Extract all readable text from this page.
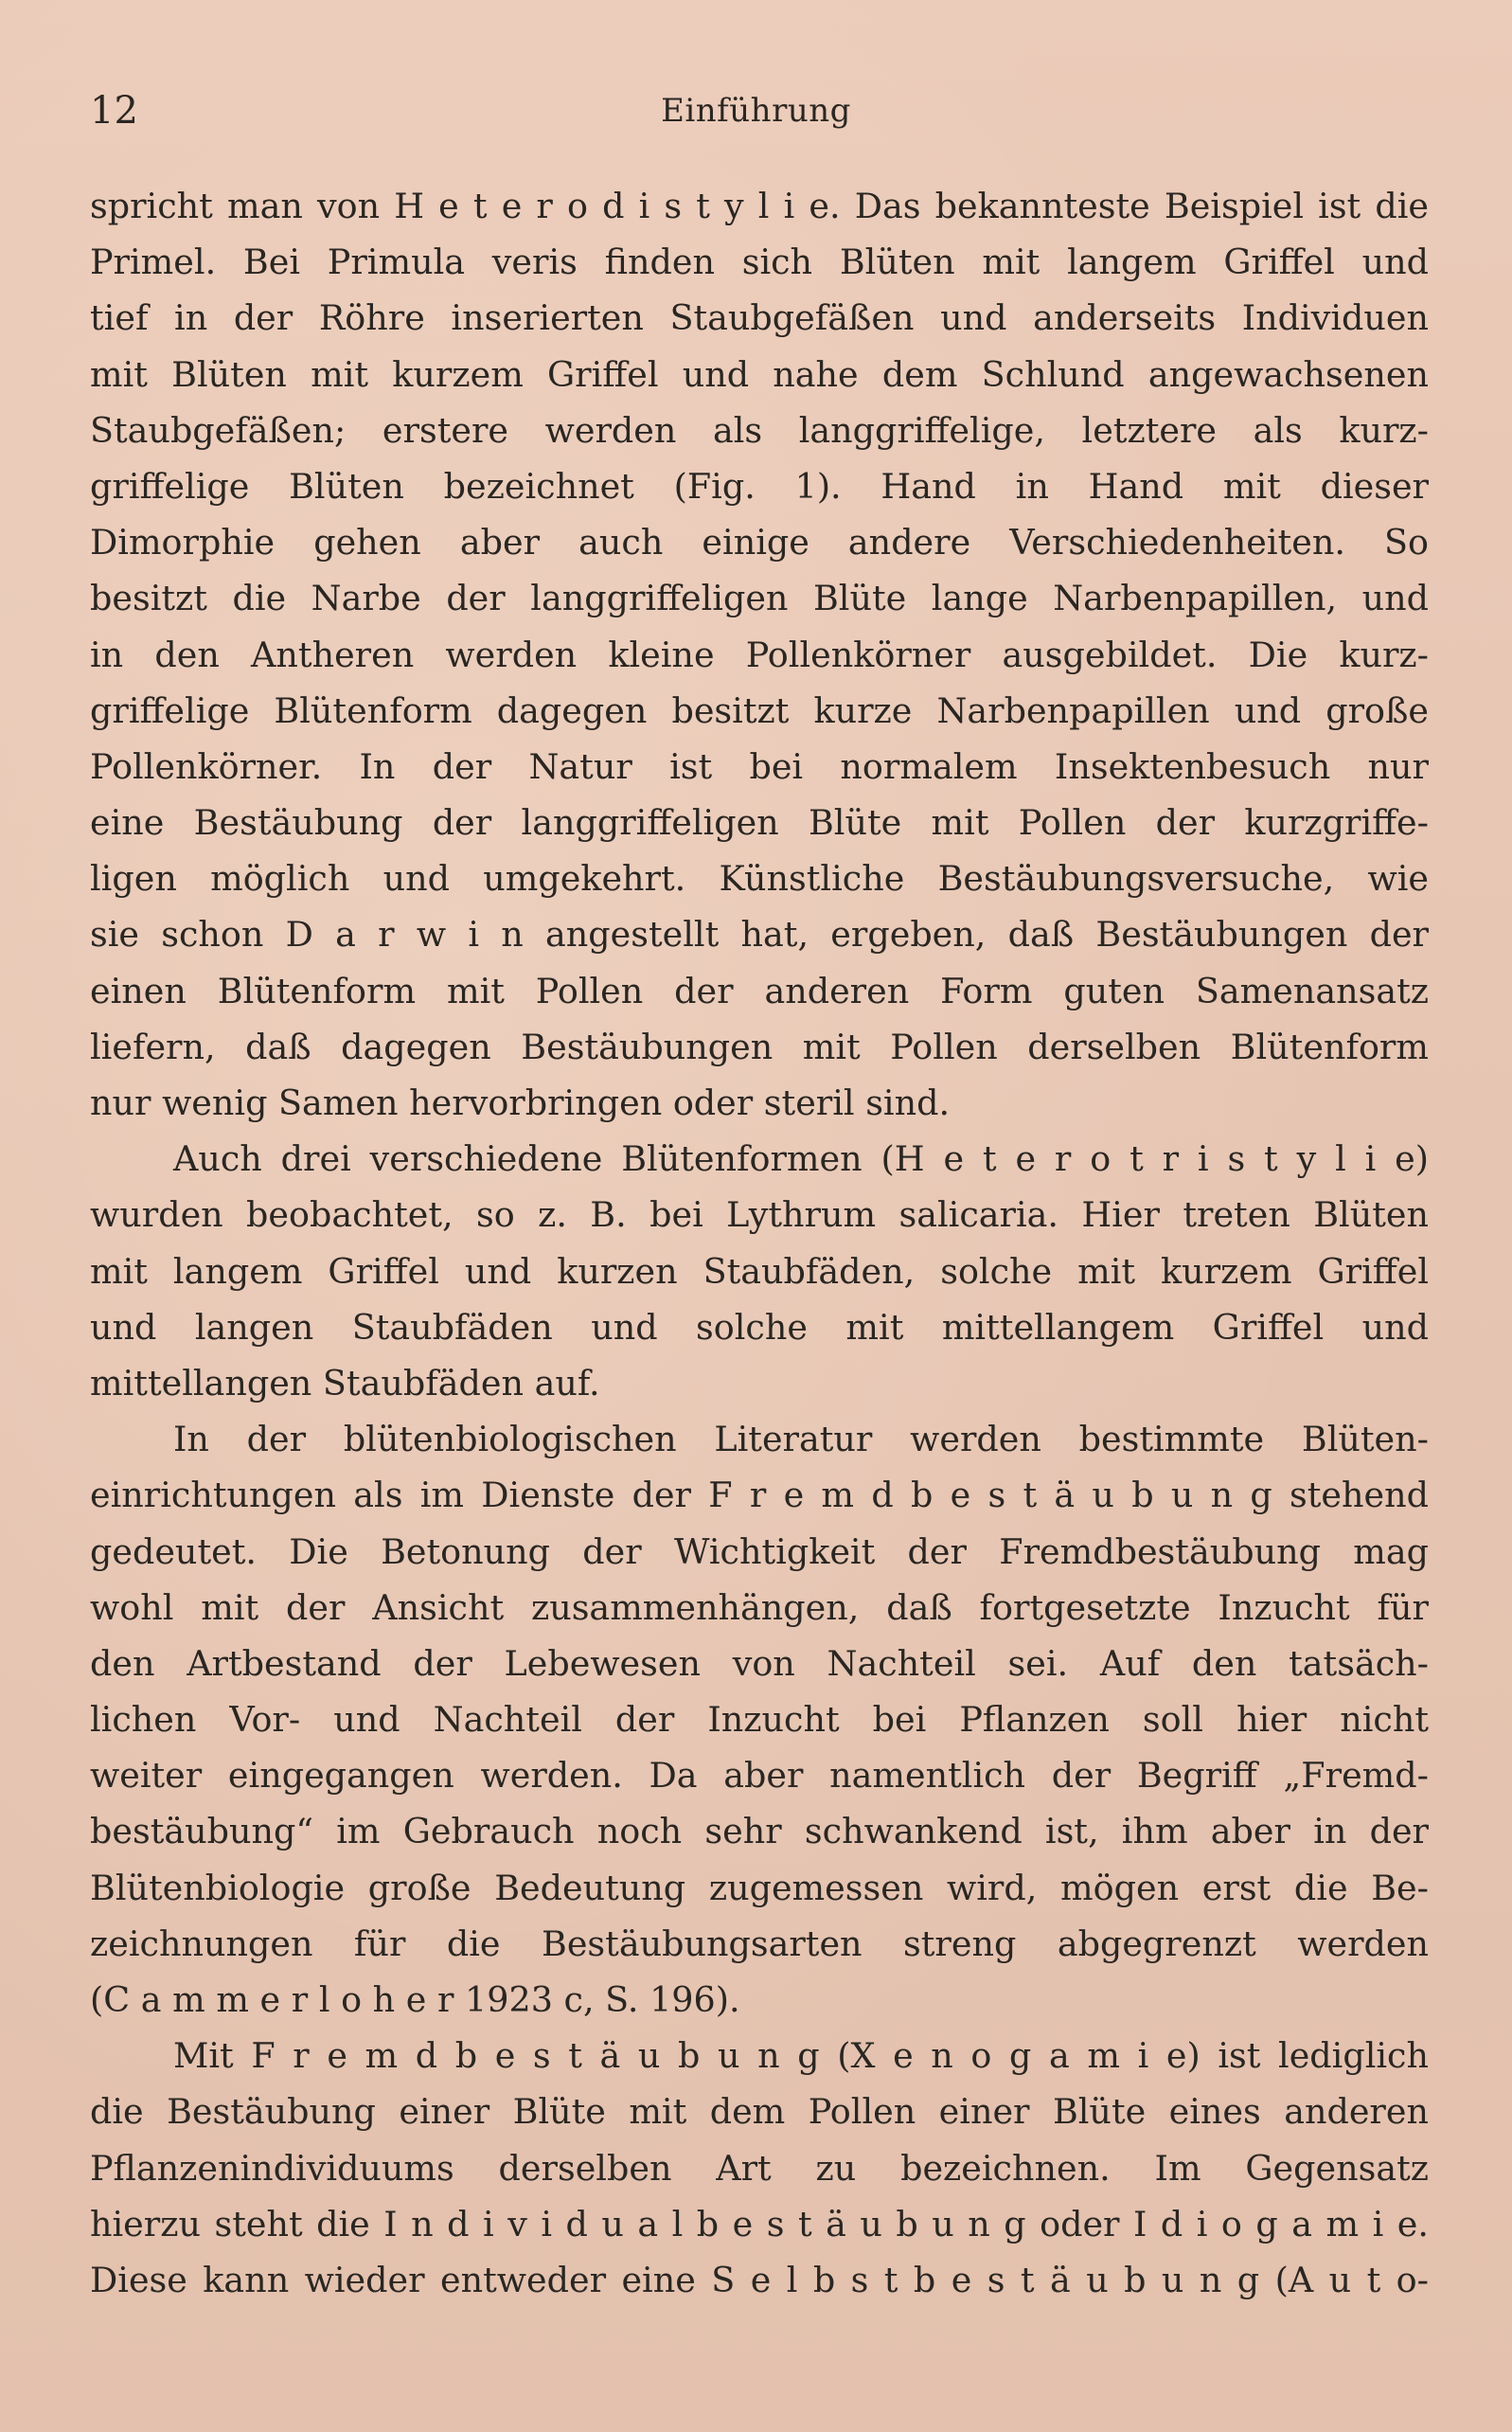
12	Einführung
spricht man von H e t e r o d i s t y l i e. Das bekannteste Beispiel ist die
Primel. Bei Primula veris finden sich Blüten mit langem Griffel und
tief in der Röhre inserierten Staubgefäßen und anderseits Individuen
mit Blüten mit kurzem Griffel und nahe dem Schlund angewachsenen
Staubgefäßen; erstere werden als langgriffelige, letztere als kurz-
griffelige Blüten bezeichnet (Fig. 1). Hand in Hand mit dieser
Dimorphie gehen aber auch einige andere Verschiedenheiten. So
besitzt die Narbe der langgriffeligen Blüte lange Narbenpapillen, und
in den Antheren werden kleine Pollenkörner ausgebildet. Die kurz-
griffelige Blütenform dagegen besitzt kurze Narbenpapillen und große
Pollenkörner. In der Natur ist bei normalem Insektenbesuch nur
eine Bestäubung der langgriffeligen Blüte mit Pollen der kurzgriffe-
ligen möglich und umgekehrt. Künstliche Bestäubungsversuche, wie
sie schon D a r w i n angestellt hat, ergeben, daß Bestäubungen der
einen Blütenform mit Pollen der anderen Form guten Samenansatz
liefern, daß dagegen Bestäubungen mit Pollen derselben Blütenform
nur wenig Samen hervorbringen oder steril sind.
Auch drei verschiedene Blütenformen (H e t e r o t r i s t y l i e)
wurden beobachtet, so z. B. bei Lythrum salicaria. Hier treten Blüten
mit langem Griffel und kurzen Staubfäden, solche mit kurzem Griffel
und langen Staubfäden und solche mit mittellangem Griffel und
mittellangen Staubfäden auf.
In der blütenbiologischen Literatur werden bestimmte Blüten-
einrichtungen als im Dienste der F r e m d b e s t ä u b u n g stehend
gedeutet. Die Betonung der Wichtigkeit der Fremdbestäubung mag
wohl mit der Ansicht zusammenhängen, daß fortgesetzte Inzucht für
den Artbestand der Lebewesen von Nachteil sei. Auf den tatsäch-
lichen Vor- und Nachteil der Inzucht bei Pflanzen soll hier nicht
weiter eingegangen werden. Da aber namentlich der Begriff „Fremd-
bestäubung“ im Gebrauch noch sehr schwankend ist, ihm aber in der
Blütenbiologie große Bedeutung zugemessen wird, mögen erst die Be-
zeichnungen für die Bestäubungsarten streng abgegrenzt werden
(C a m m e r l o h e r 1923 c, S. 196).
Mit F r e m d b e s t ä u b u n g (X e n o g a m i e) ist lediglich
die Bestäubung einer Blüte mit dem Pollen einer Blüte eines anderen
Pflanzenindividuums derselben Art zu bezeichnen. Im Gegensatz
hierzu steht die I n d i v i d u a l b e s t ä u b u n g oder I d i o g a m i e.
Diese kann wieder entweder eine S e l b s t b e s t ä u b u n g (A u t o-
